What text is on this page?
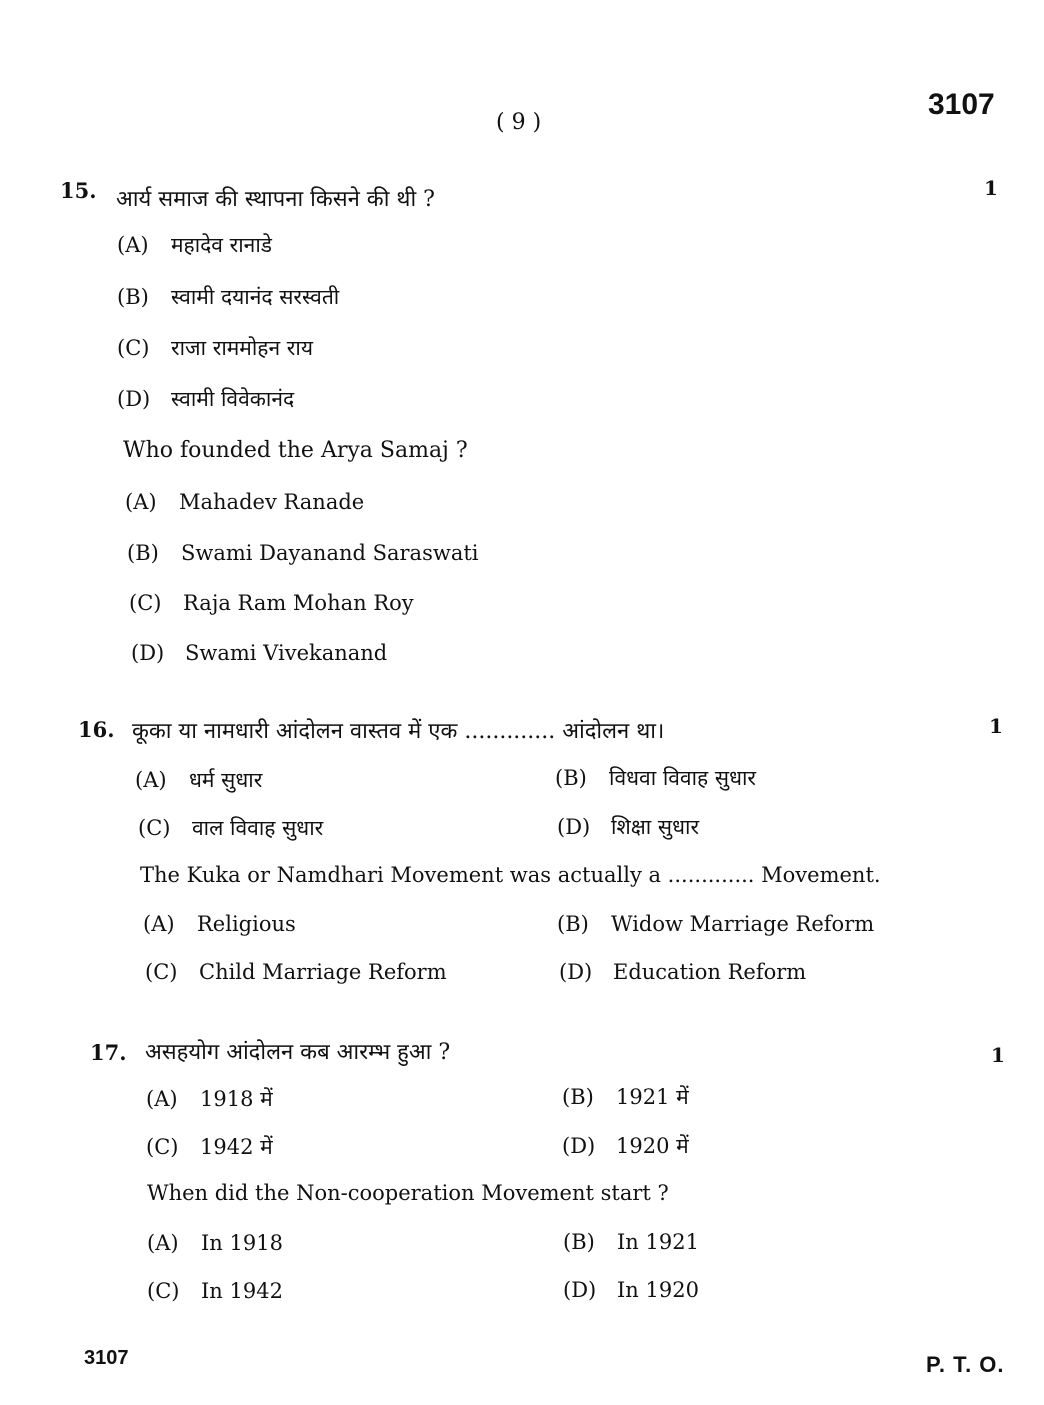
( 9 )
3107
15. आर्य समाज की स्थापना किसने की थी ?	1
(A) महादेव रानाडे
(B) स्वामी दयानंद सरस्वती
(C) राजा राममोहन राय
(D) स्वामी विवेकानंद
Who founded the Arya Samaj ?
(A) Mahadev Ranade
(B) Swami Dayanand Saraswati
(C) Raja Ram Mohan Roy
(D) Swami Vivekanand
16. कूका या नामधारी आंदोलन वास्तव में एक ............. आंदोलन था।	1
(A) धर्म सुधार	(B) विधवा विवाह सुधार
(C) वाल विवाह सुधार	(D) शिक्षा सुधार
The Kuka or Namdhari Movement was actually a ............. Movement.
(A) Religious	(B) Widow Marriage Reform
(C) Child Marriage Reform	(D) Education Reform
17. असहयोग आंदोलन कब आरम्भ हुआ ?	1
(A) 1918 में	(B) 1921 में
(C) 1942 में	(D) 1920 में
When did the Non-cooperation Movement start ?
(A) In 1918	(B) In 1921
(C) In 1942	(D) In 1920
3107	P. T. O.
